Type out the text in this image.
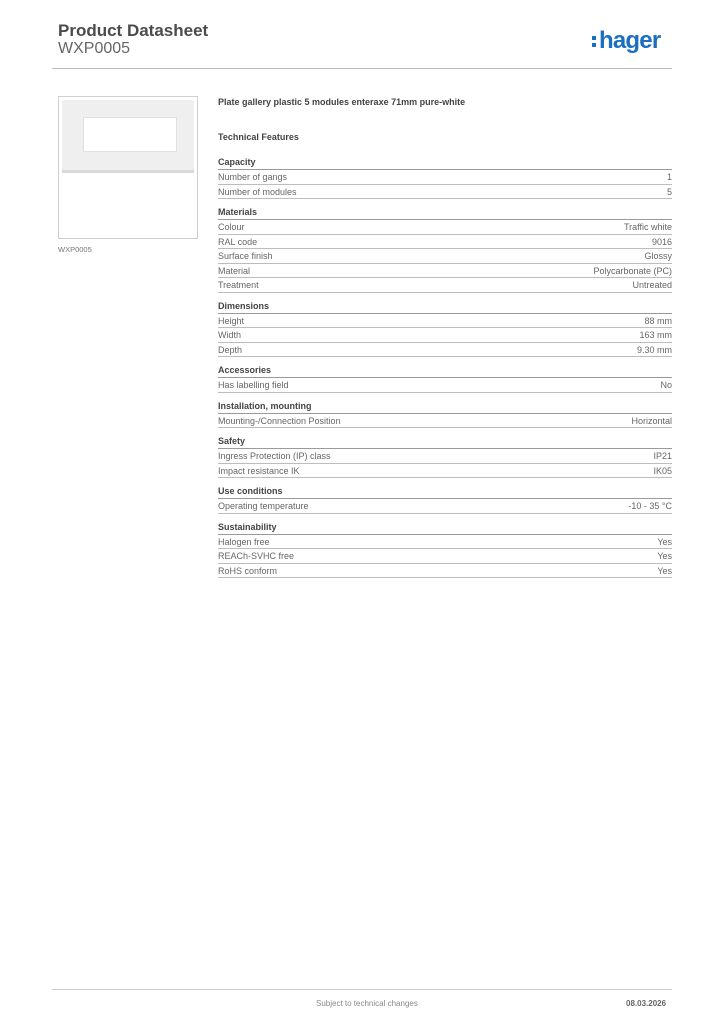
Product Datasheet
WXP0005	hager
WXP0005
Plate gallery plastic 5 modules enteraxe 71mm pure-white
Technical Features
Capacity
Number of gangs	1
Number of modules	5
Materials
Colour	Traffic white
RAL code	9016
Surface finish	Glossy
Material	Polycarbonate (PC)
Treatment	Untreated
Dimensions
Height	88 mm
Width	163 mm
Depth	9.30 mm
Accessories
Has labelling field	No
Installation, mounting
Mounting-/Connection Position	Horizontal
Safety
Ingress Protection (IP) class	IP21
Impact resistance IK	IK05
Use conditions
Operating temperature	-10 - 35 °C
Sustainability
Halogen free	Yes
REACh-SVHC free	Yes
RoHS conform	Yes
Subject to technical changes	08.03.2026
